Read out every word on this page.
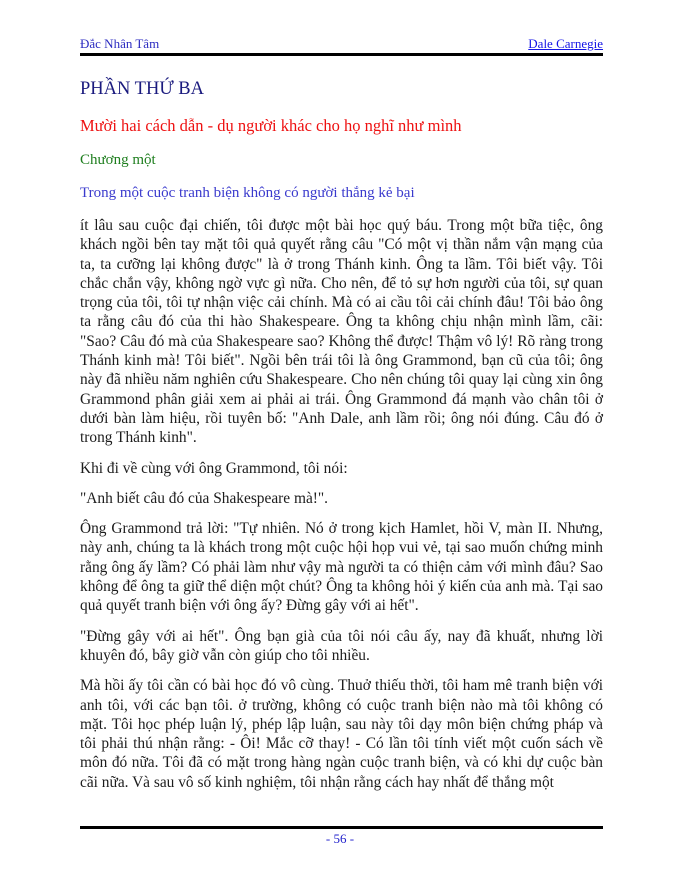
Đắc Nhân Tâm	Dale Carnegie
PHẦN THỨ BA
Mười hai cách dẫn - dụ người khác cho họ nghĩ như mình
Chương một
Trong một cuộc tranh biện không có người thắng kẻ bại

ít lâu sau cuộc đại chiến, tôi được một bài học quý báu. Trong một bữa tiệc, ông khách ngồi bên tay mặt tôi quả quyết rằng câu "Có một vị thần nắm vận mạng của ta, ta cưỡng lại không được" là ở trong Thánh kinh. Ông ta lầm. Tôi biết vậy. Tôi chắc chắn vậy, không ngờ vực gì nữa. Cho nên, để tỏ sự hơn người của tôi, sự quan trọng của tôi, tôi tự nhận việc cải chính. Mà có ai cầu tôi cải chính đâu! Tôi bảo ông ta rằng câu đó của thi hào Shakespeare. Ông ta không chịu nhận mình lầm, cãi: "Sao? Câu đó mà của Shakespeare sao? Không thể được! Thậm vô lý! Rõ ràng trong Thánh kinh mà! Tôi biết". Ngồi bên trái tôi là ông Grammond, bạn cũ của tôi; ông này đã nhiều năm nghiên cứu Shakespeare. Cho nên chúng tôi quay lại cùng xin ông Grammond phân giải xem ai phải ai trái. Ông Grammond đá mạnh vào chân tôi ở dưới bàn làm hiệu, rồi tuyên bố: "Anh Dale, anh lầm rồi; ông nói đúng. Câu đó ở trong Thánh kinh".

Khi đi về cùng với ông Grammond, tôi nói:

"Anh biết câu đó của Shakespeare mà!".

Ông Grammond trả lời: "Tự nhiên. Nó ở trong kịch Hamlet, hồi V, màn II. Nhưng, này anh, chúng ta là khách trong một cuộc hội họp vui vẻ, tại sao muốn chứng minh rằng ông ấy lầm? Có phải làm như vậy mà người ta có thiện cảm với mình đâu? Sao không để ông ta giữ thể diện một chút? Ông ta không hỏi ý kiến của anh mà. Tại sao quả quyết tranh biện với ông ấy? Đừng gây với ai hết".

"Đừng gây với ai hết". Ông bạn già của tôi nói câu ấy, nay đã khuất, nhưng lời khuyên đó, bây giờ vẫn còn giúp cho tôi nhiều.

Mà hồi ấy tôi cần có bài học đó vô cùng. Thuở thiếu thời, tôi ham mê tranh biện với anh tôi, với các bạn tôi. ở trường, không có cuộc tranh biện nào mà tôi không có mặt. Tôi học phép luận lý, phép lập luận, sau này tôi dạy môn biện chứng pháp và tôi phải thú nhận rằng: - Ôi! Mắc cỡ thay! - Có lần tôi tính viết một cuốn sách về môn đó nữa. Tôi đã có mặt trong hàng ngàn cuộc tranh biện, và có khi dự cuộc bàn cãi nữa. Và sau vô số kinh nghiệm, tôi nhận rằng cách hay nhất để thắng một

- 56 -
